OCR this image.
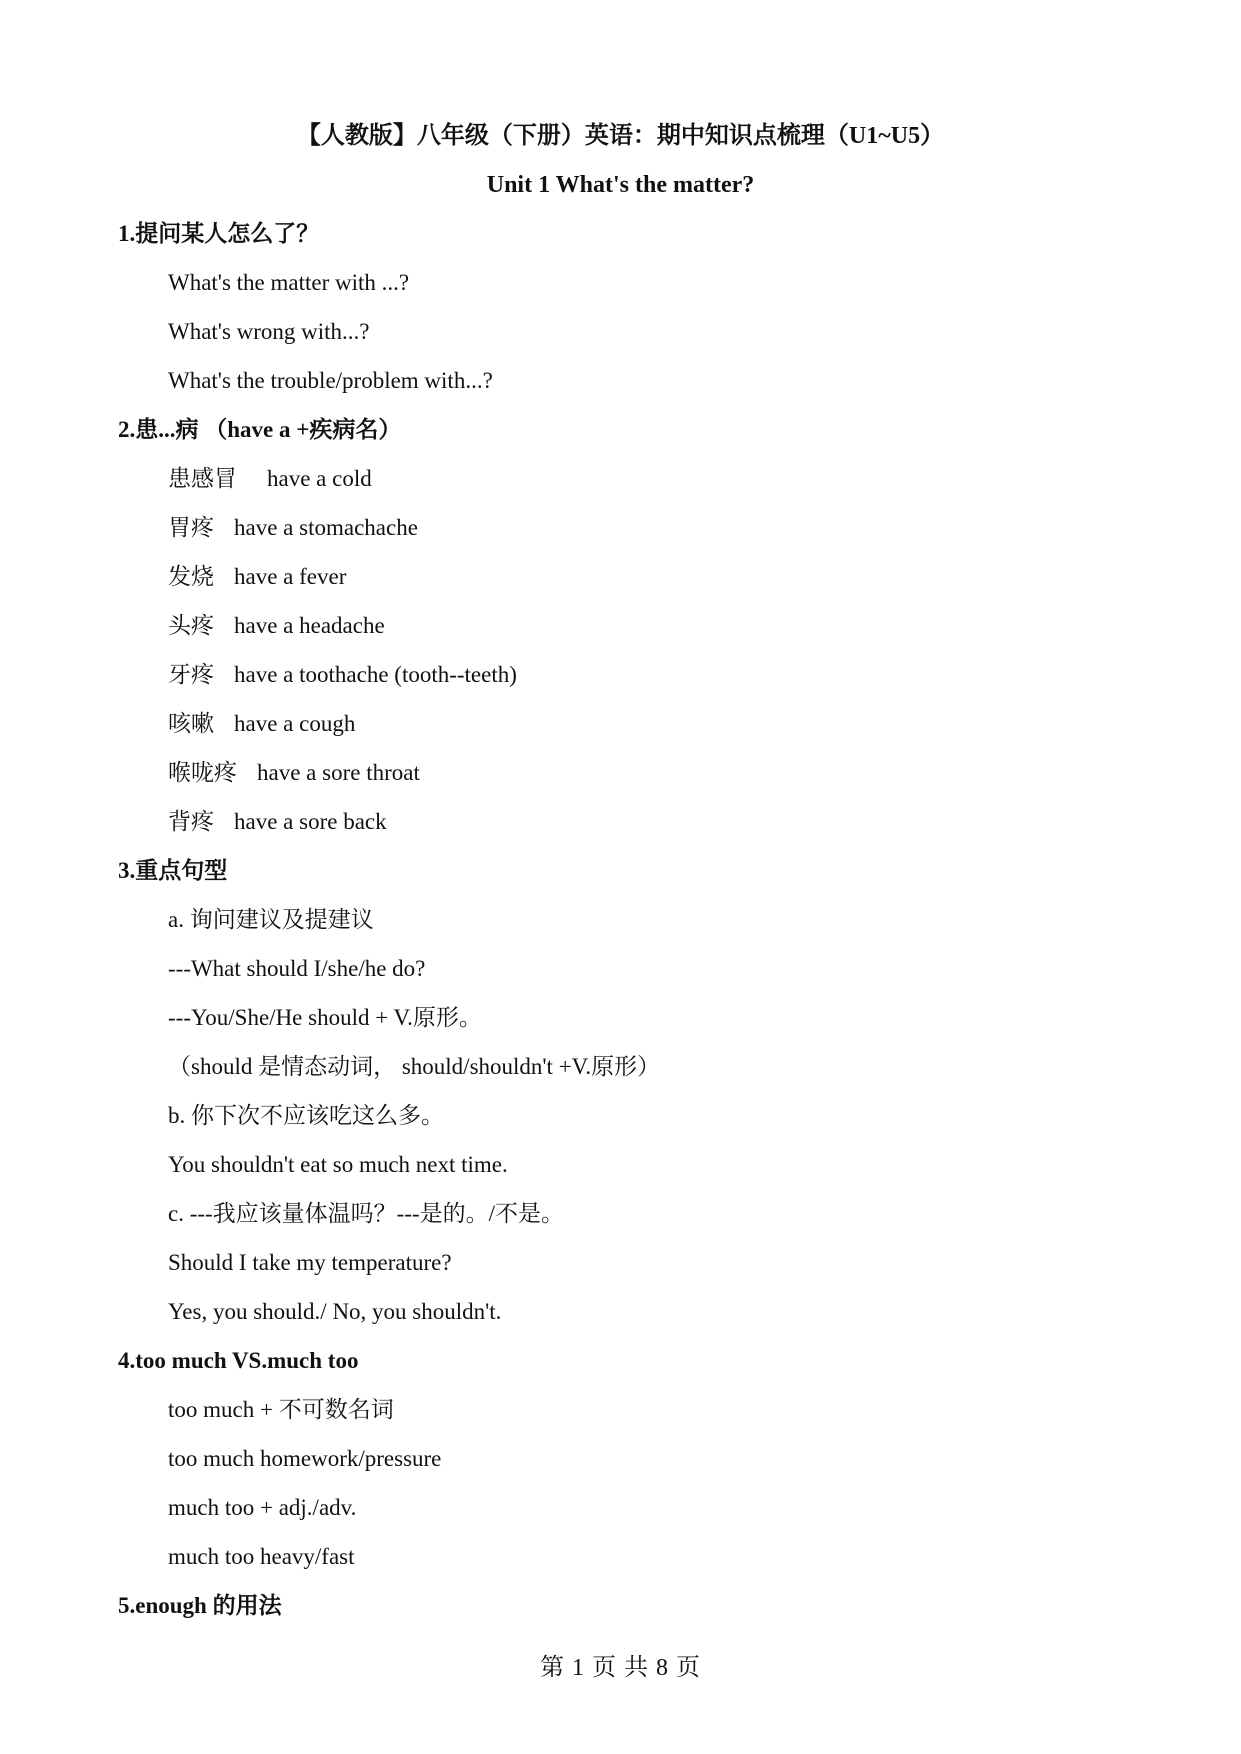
【人教版】八年级（下册）英语：期中知识点梳理（U1~U5）
Unit 1 What's the matter?
1.提问某人怎么了？
What's the matter with ...?
What's wrong with...?
What's the trouble/problem with...?
2.患...病 （have a +疾病名）
患感冒 have a cold
胃疼 have a stomachache
发烧 have a fever
头疼 have a headache
牙疼 have a toothache (tooth--teeth)
咳嗽 have a cough
喉咙疼 have a sore throat
背疼 have a sore back
3.重点句型
a. 询问建议及提建议
---What should I/she/he do?
---You/She/He should + V.原形。
（should 是情态动词， should/shouldn't +V.原形）
b. 你下次不应该吃这么多。
You shouldn't eat so much next time.
c. ---我应该量体温吗？---是的。/不是。
Should I take my temperature?
Yes, you should./ No, you shouldn't.
4.too much VS.much too
too much + 不可数名词
too much homework/pressure
much too + adj./adv.
much too heavy/fast
5.enough 的用法
第 1 页 共 8 页
